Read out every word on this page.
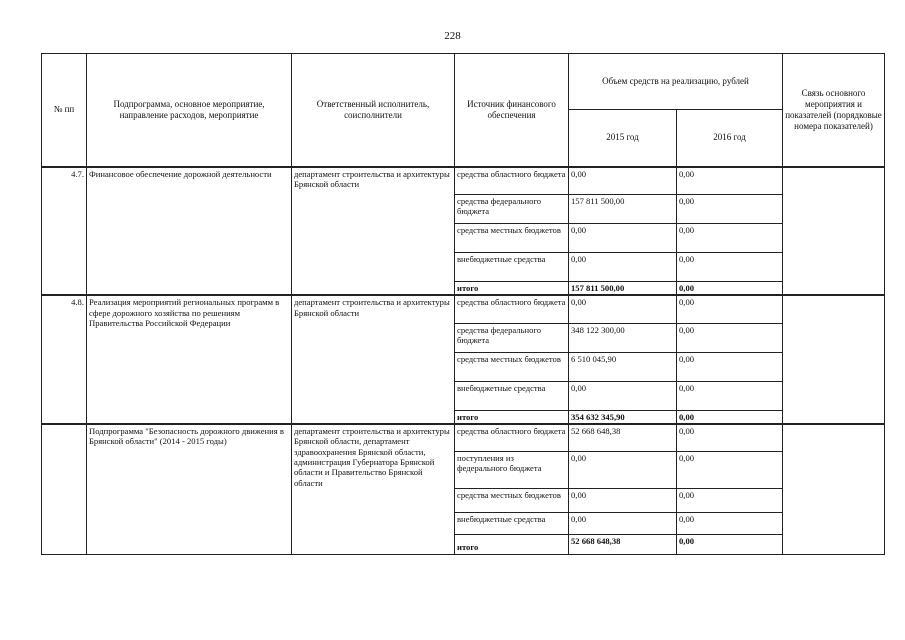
228
№ пп	Подпрограмма, основное мероприятие, направление расходов, мероприятие	Ответственный исполнитель, соисполнители	Источник финансового обеспечения	Объем средств на реализацию, рублей		Связь основного мероприятия и показателей (порядковые номера показателей)
				2015 год	2016 год	
4.7.	Финансовое обеспечение дорожной деятельности	департамент строительства и архитектуры Брянской области	средства областного бюджета	0,00	0,00	
			средства федерального бюджета	157 811 500,00	0,00	
			средства местных бюджетов	0,00	0,00	
			внебюджетные средства	0,00	0,00	
			итого	157 811 500,00	0,00	
4.8.	Реализация мероприятий региональных программ в сфере дорожного хозяйства по решениям Правительства Российской Федерации	департамент строительства и архитектуры Брянской области	средства областного бюджета	0,00	0,00	
			средства федерального бюджета	348 122 300,00	0,00	
			средства местных бюджетов	6 510 045,90	0,00	
			внебюджетные средства	0,00	0,00	
			итого	354 632 345,90	0,00	
	Подпрограмма "Безопасность дорожного движения в Брянской области" (2014 - 2015 годы)	департамент строительства и архитектуры Брянской области, департамент здравоохранения Брянской области, администрация Губернатора Брянской области и Правительство Брянской области	средства областного бюджета	52 668 648,38	0,00	
			поступления из федерального бюджета	0,00	0,00	
			средства местных бюджетов	0,00	0,00	
			внебюджетные средства	0,00	0,00	
			итого	52 668 648,38	0,00	
